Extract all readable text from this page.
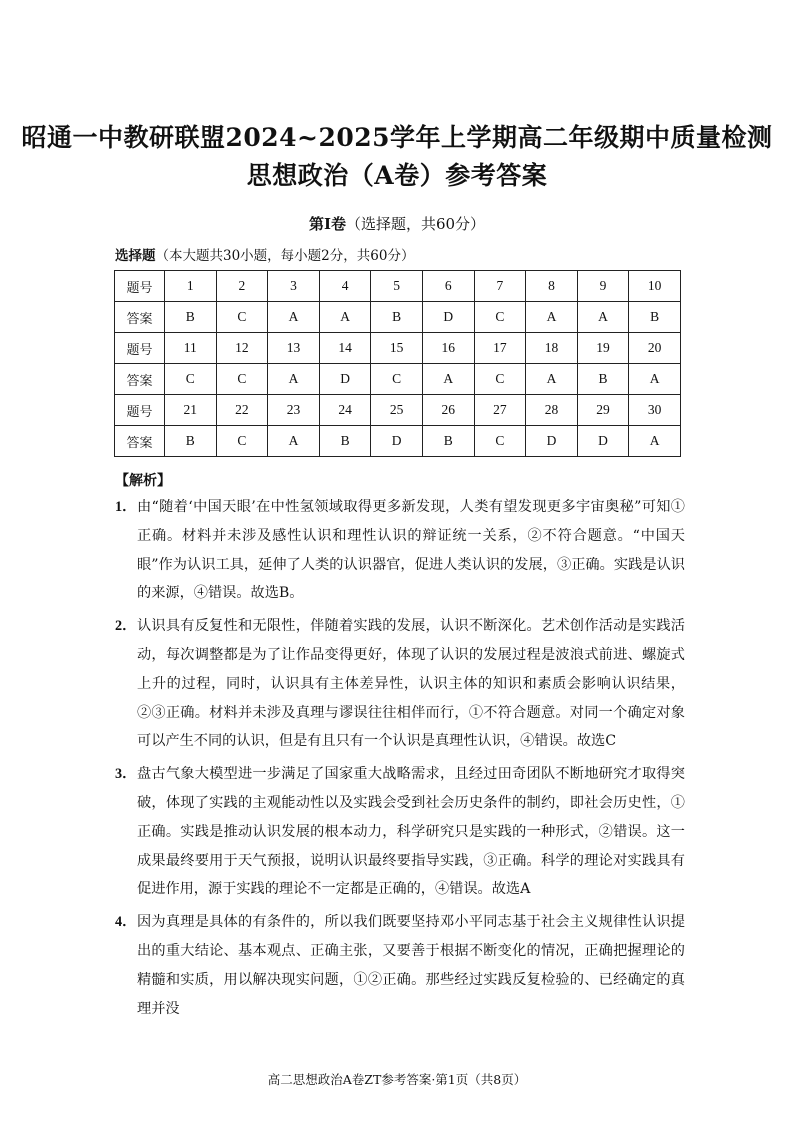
昭通一中教研联盟2024~2025学年上学期高二年级期中质量检测
思想政治（A卷）参考答案

第Ⅰ卷（选择题，共60分）

选择题（本大题共30小题，每小题2分，共60分）

题号	1	2	3	4	5	6	7	8	9	10
答案	B	C	A	A	B	D	C	A	A	B
题号	11	12	13	14	15	16	17	18	19	20
答案	C	C	A	D	C	A	C	A	B	A
题号	21	22	23	24	25	26	27	28	29	30
答案	B	C	A	B	D	B	C	D	D	A

【解析】

1． 由“随着‘中国天眼’在中性氢领域取得更多新发现，人类有望发现更多宇宙奥秘”可知①正确。材料并未涉及感性认识和理性认识的辩证统一关系，②不符合题意。“中国天眼”作为认识工具，延伸了人类的认识器官，促进人类认识的发展，③正确。实践是认识的来源，④错误。故选B。

2． 认识具有反复性和无限性，伴随着实践的发展，认识不断深化。艺术创作活动是实践活动，每次调整都是为了让作品变得更好，体现了认识的发展过程是波浪式前进、螺旋式上升的过程，同时，认识具有主体差异性，认识主体的知识和素质会影响认识结果，②③正确。材料并未涉及真理与谬误往往相伴而行，①不符合题意。对同一个确定对象可以产生不同的认识，但是有且只有一个认识是真理性认识，④错误。故选C

3． 盘古气象大模型进一步满足了国家重大战略需求，且经过田奇团队不断地研究才取得突破，体现了实践的主观能动性以及实践会受到社会历史条件的制约，即社会历史性，①正确。实践是推动认识发展的根本动力，科学研究只是实践的一种形式，②错误。这一成果最终要用于天气预报，说明认识最终要指导实践，③正确。科学的理论对实践具有促进作用，源于实践的理论不一定都是正确的，④错误。故选A

4． 因为真理是具体的有条件的，所以我们既要坚持邓小平同志基于社会主义规律性认识提出的重大结论、基本观点、正确主张，又要善于根据不断变化的情况，正确把握理论的精髓和实质，用以解决现实问题，①②正确。那些经过实践反复检验的、已经确定的真理并没

高二思想政治A卷ZT参考答案·第1页（共8页）
